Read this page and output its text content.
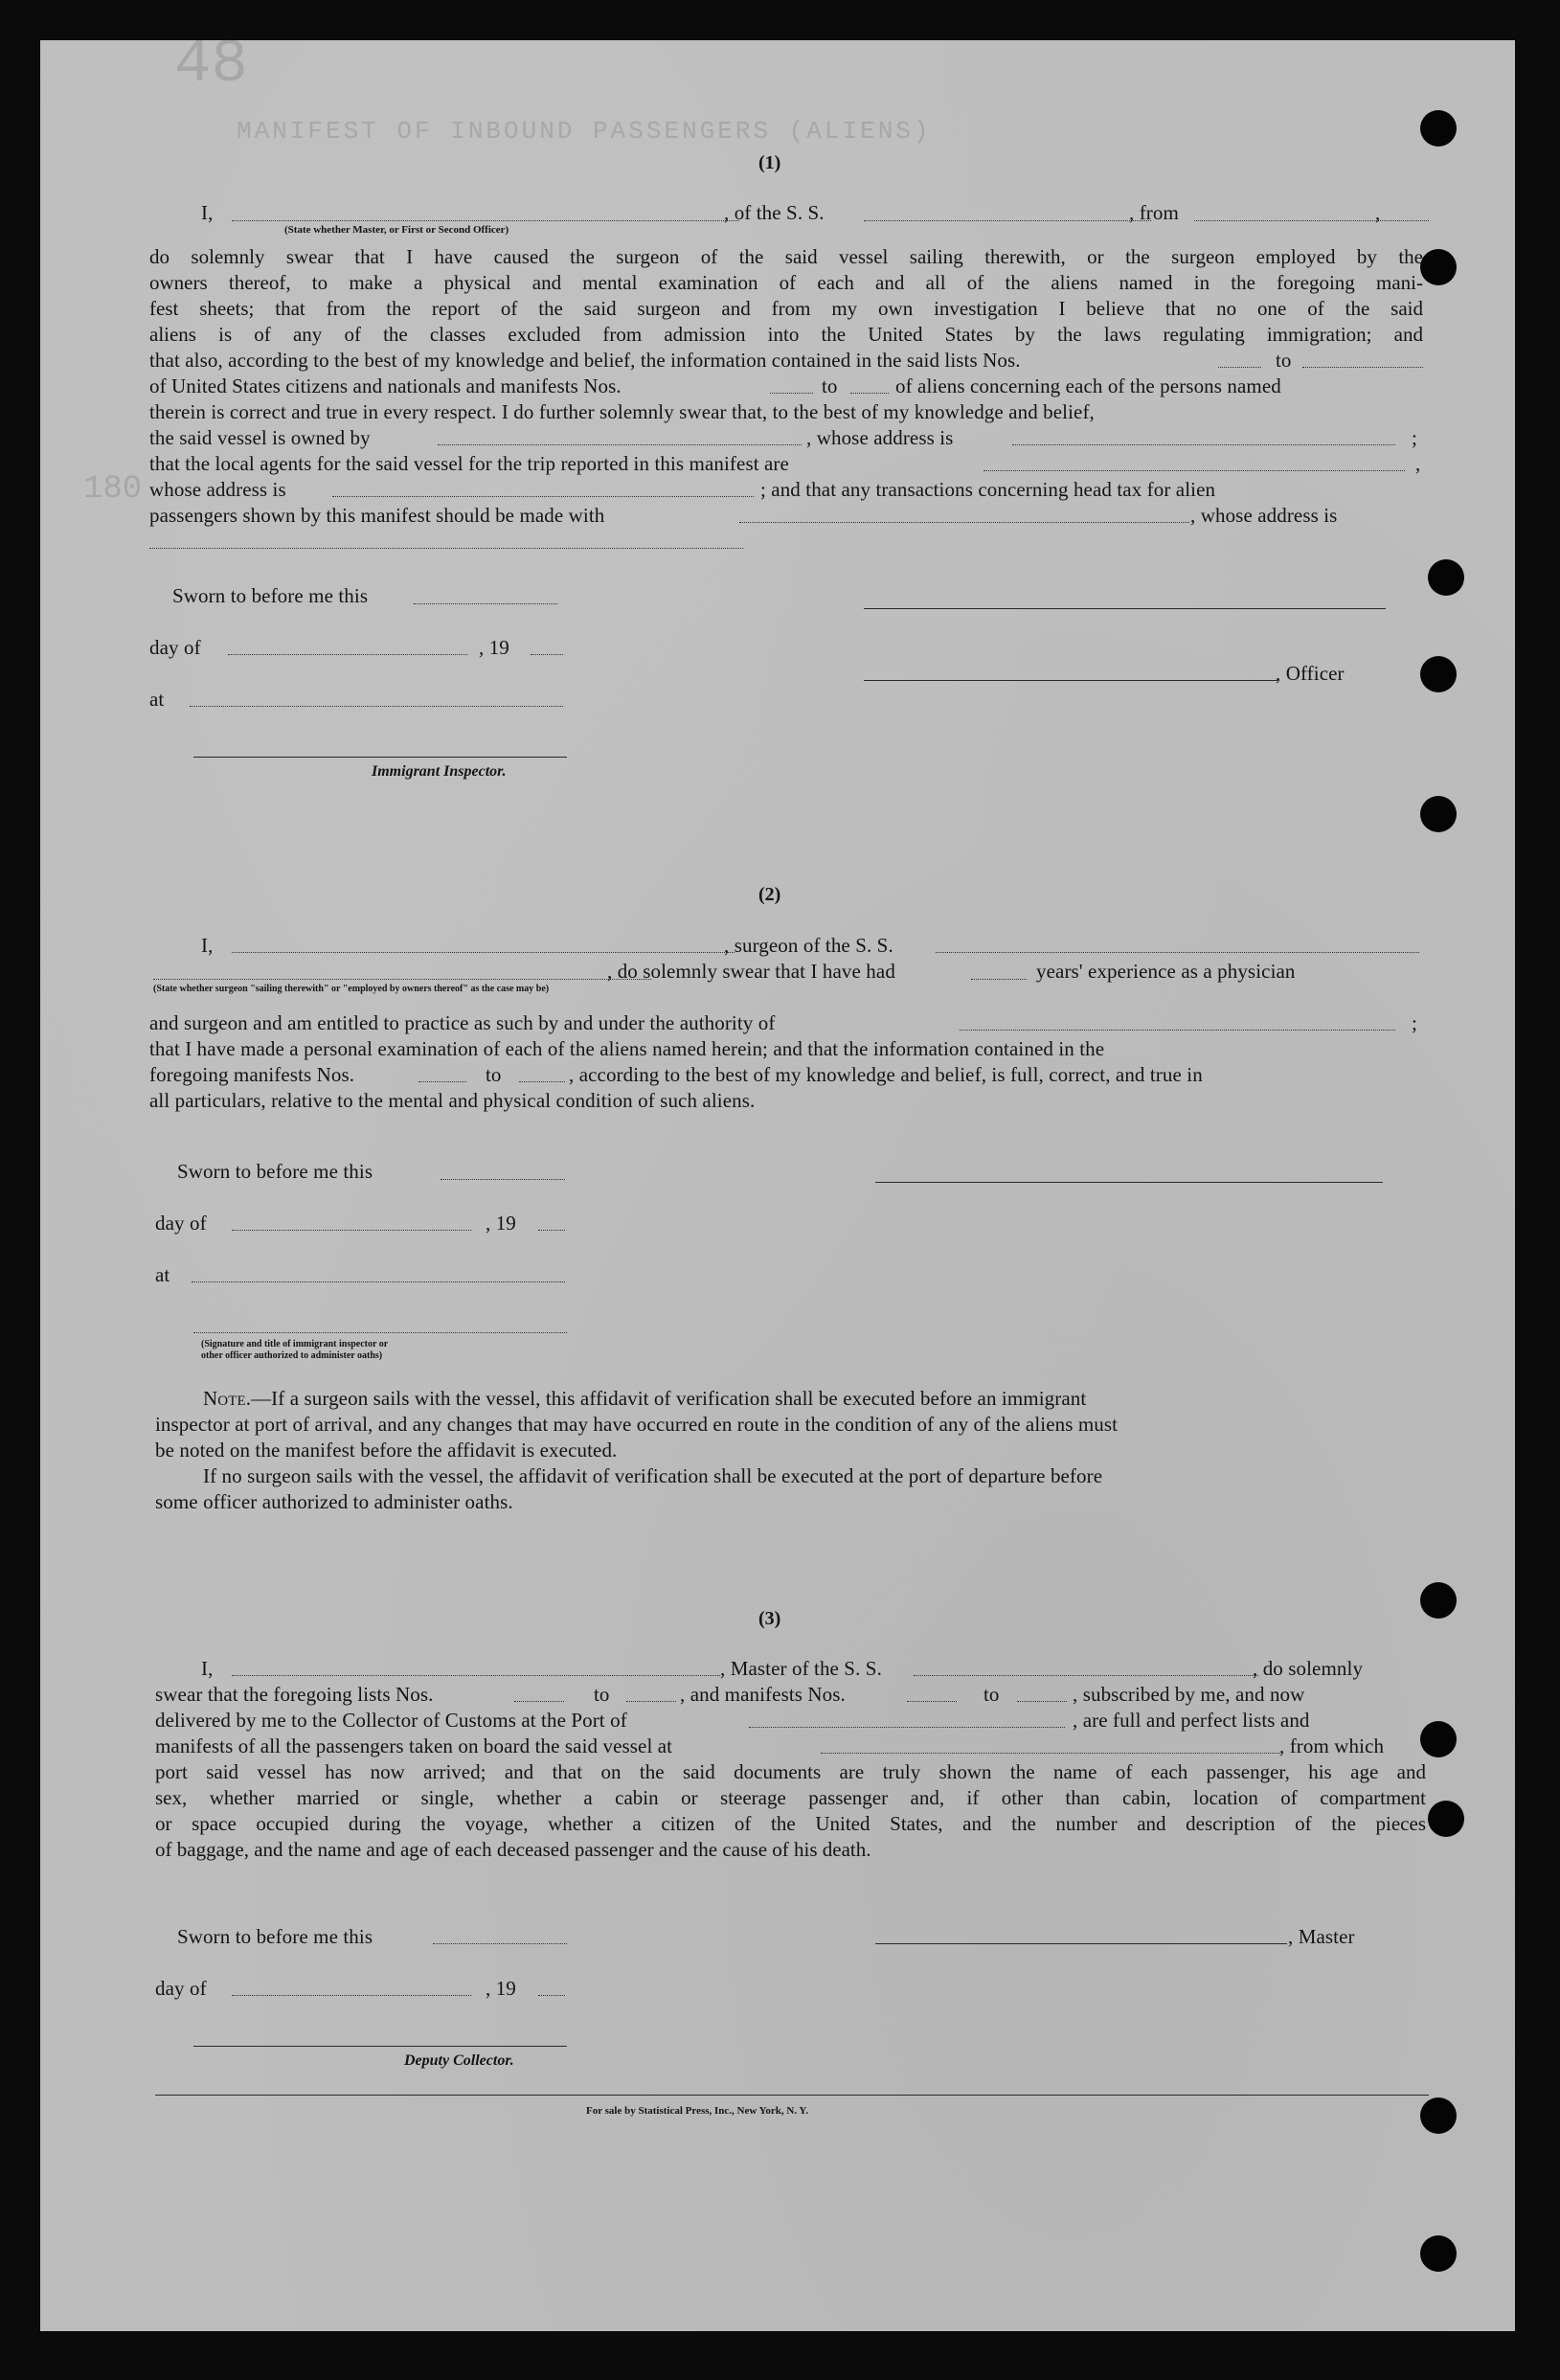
48
MANIFEST OF INBOUND PASSENGERS (ALIENS)
180
(1)
I,	, of the S. S.	, from	,
(State whether Master, or First or Second Officer)

do solemnly swear that I have caused the surgeon of the said vessel sailing therewith, or the surgeon employed by the

owners thereof, to make a physical and mental examination of each and all of the aliens named in the foregoing mani-

fest sheets; that from the report of the said surgeon and from my own investigation I believe that no one of the said

aliens is of any of the classes excluded from admission into the United States by the laws regulating immigration; and

that also, according to the best of my knowledge and belief, the information contained in the said lists Nos.	to
of United States citizens and nationals and manifests Nos.	to	of aliens concerning each of the persons named
therein is correct and true in every respect. I do further solemnly swear that, to the best of my knowledge and belief,
the said vessel is owned by	, whose address is	;
that the local agents for the said vessel for the trip reported in this manifest are	,
whose address is	; and that any transactions concerning head tax for alien
passengers shown by this manifest should be made with	, whose address is
Sworn to before me this
day of	, 19
, Officer
at
Immigrant Inspector.
(2)
I,	, surgeon of the S. S.
, do solemnly swear that I have had	years' experience as a physician
(State whether surgeon "sailing therewith" or "employed by owners thereof" as the case may be)
and surgeon and am entitled to practice as such by and under the authority of	;
that I have made a personal examination of each of the aliens named herein; and that the information contained in the
foregoing manifests Nos.	to	, according to the best of my knowledge and belief, is full, correct, and true in
all particulars, relative to the mental and physical condition of such aliens.
Sworn to before me this
day of	, 19
at
(Signature and title of immigrant inspector or
other officer authorized to administer oaths)
Note.—If a surgeon sails with the vessel, this affidavit of verification shall be executed before an immigrant
inspector at port of arrival, and any changes that may have occurred en route in the condition of any of the aliens must
be noted on the manifest before the affidavit is executed.
If no surgeon sails with the vessel, the affidavit of verification shall be executed at the port of departure before
some officer authorized to administer oaths.
(3)
I,	, Master of the S. S.	, do solemnly
swear that the foregoing lists Nos.	to	, and manifests Nos.	to	, subscribed by me, and now
delivered by me to the Collector of Customs at the Port of	, are full and perfect lists and
manifests of all the passengers taken on board the said vessel at	, from which

port said vessel has now arrived; and that on the said documents are truly shown the name of each passenger, his age and

sex, whether married or single, whether a cabin or steerage passenger and, if other than cabin, location of compartment

or space occupied during the voyage, whether a citizen of the United States, and the number and description of the pieces

of baggage, and the name and age of each deceased passenger and the cause of his death.

Sworn to before me this	, Master
day of	, 19
Deputy Collector.
For sale by Statistical Press, Inc., New York, N. Y.
